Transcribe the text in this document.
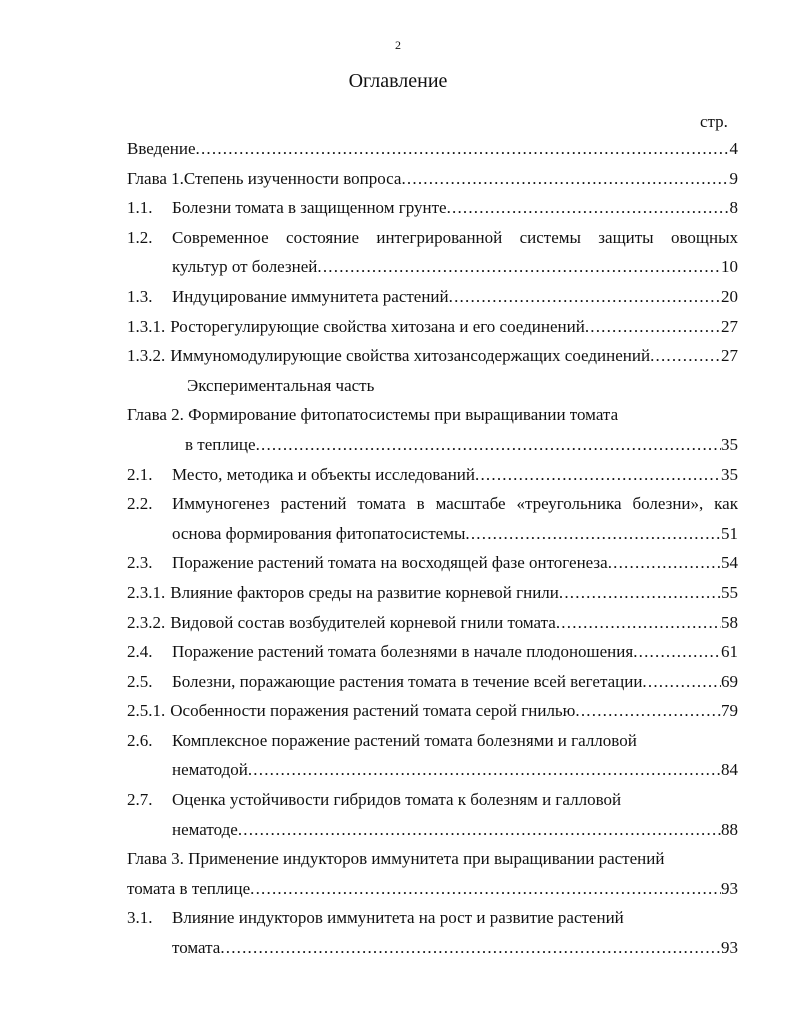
2
Оглавление
стр.
Введение .....	4
Глава 1.Степень изученности вопроса .....	9
1.1.	Болезни томата в защищенном грунте .....	8
1.2.	Современное состояние интегрированной системы защиты овощных
культур от болезней .....	10
1.3.	Индуцирование иммунитета растений .....	20
1.3.1. Росторегулирующие свойства хитозана и его соединений .....	27
1.3.2. Иммуномодулирующие свойства хитозансодержащих соединений .....	27
Экспериментальная часть
Глава 2. Формирование фитопатосистемы при выращивании томата
в теплице .....	35
2.1.	Место, методика и объекты исследований .....	35
2.2.	Иммуногенез растений томата в масштабе «треугольника болезни», как
основа формирования фитопатосистемы .....	51
2.3.	Поражение растений томата на восходящей фазе онтогенеза .....	54
2.3.1. Влияние факторов среды на развитие корневой гнили .....	55
2.3.2. Видовой состав возбудителей корневой гнили томата .....	58
2.4.	Поражение растений томата болезнями в начале плодоношения .....	61
2.5.	Болезни, поражающие растения томата в течение всей вегетации .....	69
2.5.1. Особенности поражения растений томата серой гнилью .....	79
2.6.	Комплексное поражение растений томата болезнями и галловой
нематодой .....	84
2.7.	Оценка устойчивости гибридов томата к болезням и галловой
нематоде .....	88
Глава 3. Применение индукторов иммунитета при выращивании растений
томата в теплице .....	93
3.1.	Влияние индукторов иммунитета на рост и развитие растений
томата .....	93
